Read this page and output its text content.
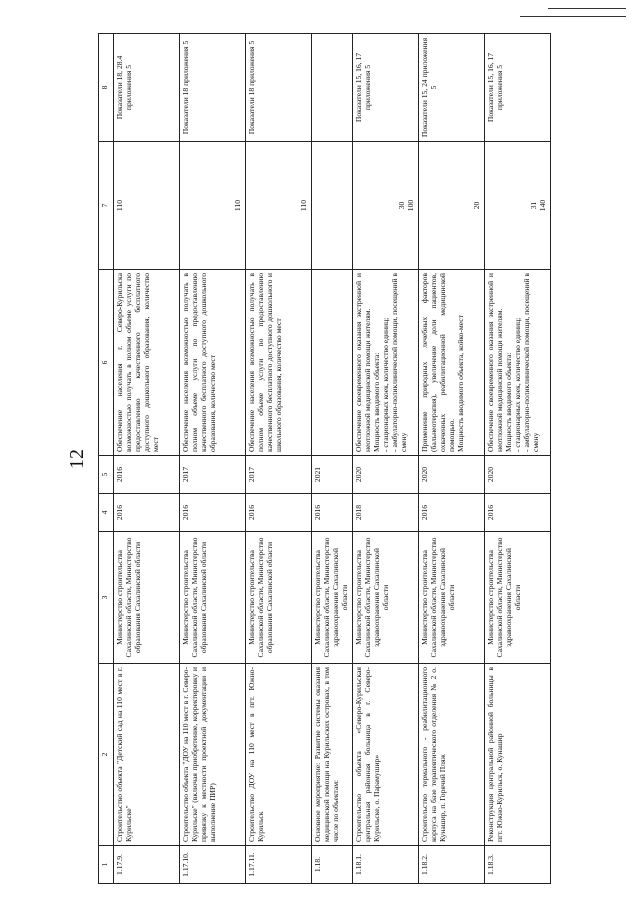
12
1	2	3	4	5	6	7	8
1.17.9.	Строительство объекта "Детский сад на 110 мест в г. Курильске"	Министерство строительства Сахалинской области, Министерство образования Сахалинской области	2016	2016	Обеспечение населения г. Северо-Курильска возможностью получать в полном объеме услуги по предоставлению качественного бесплатного доступного дошкольного образования, количество мест	110	Показатели 18, 28.4 приложения 5
1.17.10.	Строительство объекта "ДОУ на 110 мест в г. Северо-Курильске" (включая приобретение, корректировку и привязку к местности проектной документации и выполнение ПИР)	Министерство строительства Сахалинской области, Министерство образования Сахалинской области	2016	2017	Обеспечение населения возможностью получать в полном объеме услуги по предоставлению качественного бесплатного доступного дошкольного образования, количество мест	110	Показатели 18 приложения 5
1.17.11.	Строительство ДОУ на 110 мест в пгт. Южно-Курильск	Министерство строительства Сахалинской области, Министерство образования Сахалинской области	2016	2017	Обеспечение населения возможностью получать в полном объеме услуги по предоставлению качественного бесплатного доступного дошкольного и школьного образования, количество мест	110	Показатели 18 приложения 5
1.18.	Основное мероприятие: Развитие системы оказания медицинской помощи на Курильских островах, в том числе по объектам:	Министерство строительства Сахалинской области, Министерство здравоохранения Сахалинской области	2016	2021			
1.18.1.	Строительство объекта «Северо-Курильская центральная районная больница в г. Северо-Курильске, о. Парамушир»	Министерство строительства Сахалинской области, Министерство здравоохранения Сахалинской области	2018	2020	Обеспечение своевременного оказания экстренной и неотложной медицинской помощи жителям. Мощность вводимого объекта: - стационарных коек, количество единиц; - амбулаторно-поликлинической помощи, посещений в смену	30 100	Показатели 15, 16, 17 приложения 5
1.18.2.	Строительство термального - реабилитационного корпуса на базе терапевтического отделения № 2 о. Кунашир, п. Горячий Пляж	Министерство строительства Сахалинской области, Министерство здравоохранения Сахалинской области	2016	2020	Применение природных лечебных факторов (бальнеотерапия), увеличение доли пациентов, охваченных реабилитационной медицинской помощью. Мощность вводимого объекта, койко-мест	20	Показатели 15, 24 приложения 5
1.18.3.	Реконструкция центральной районной больницы в пгт. Южно-Курильск, о. Кунашир	Министерство строительства Сахалинской области, Министерство здравоохранения Сахалинской области	2016	2020	Обеспечение своевременного оказания экстренной и неотложной медицинской помощи жителям. Мощность вводимого объекта: - стационарных коек, количество единиц; - амбулаторно-поликлинической помощи, посещений в смену	31 140	Показатели 15, 16, 17 приложения 5
